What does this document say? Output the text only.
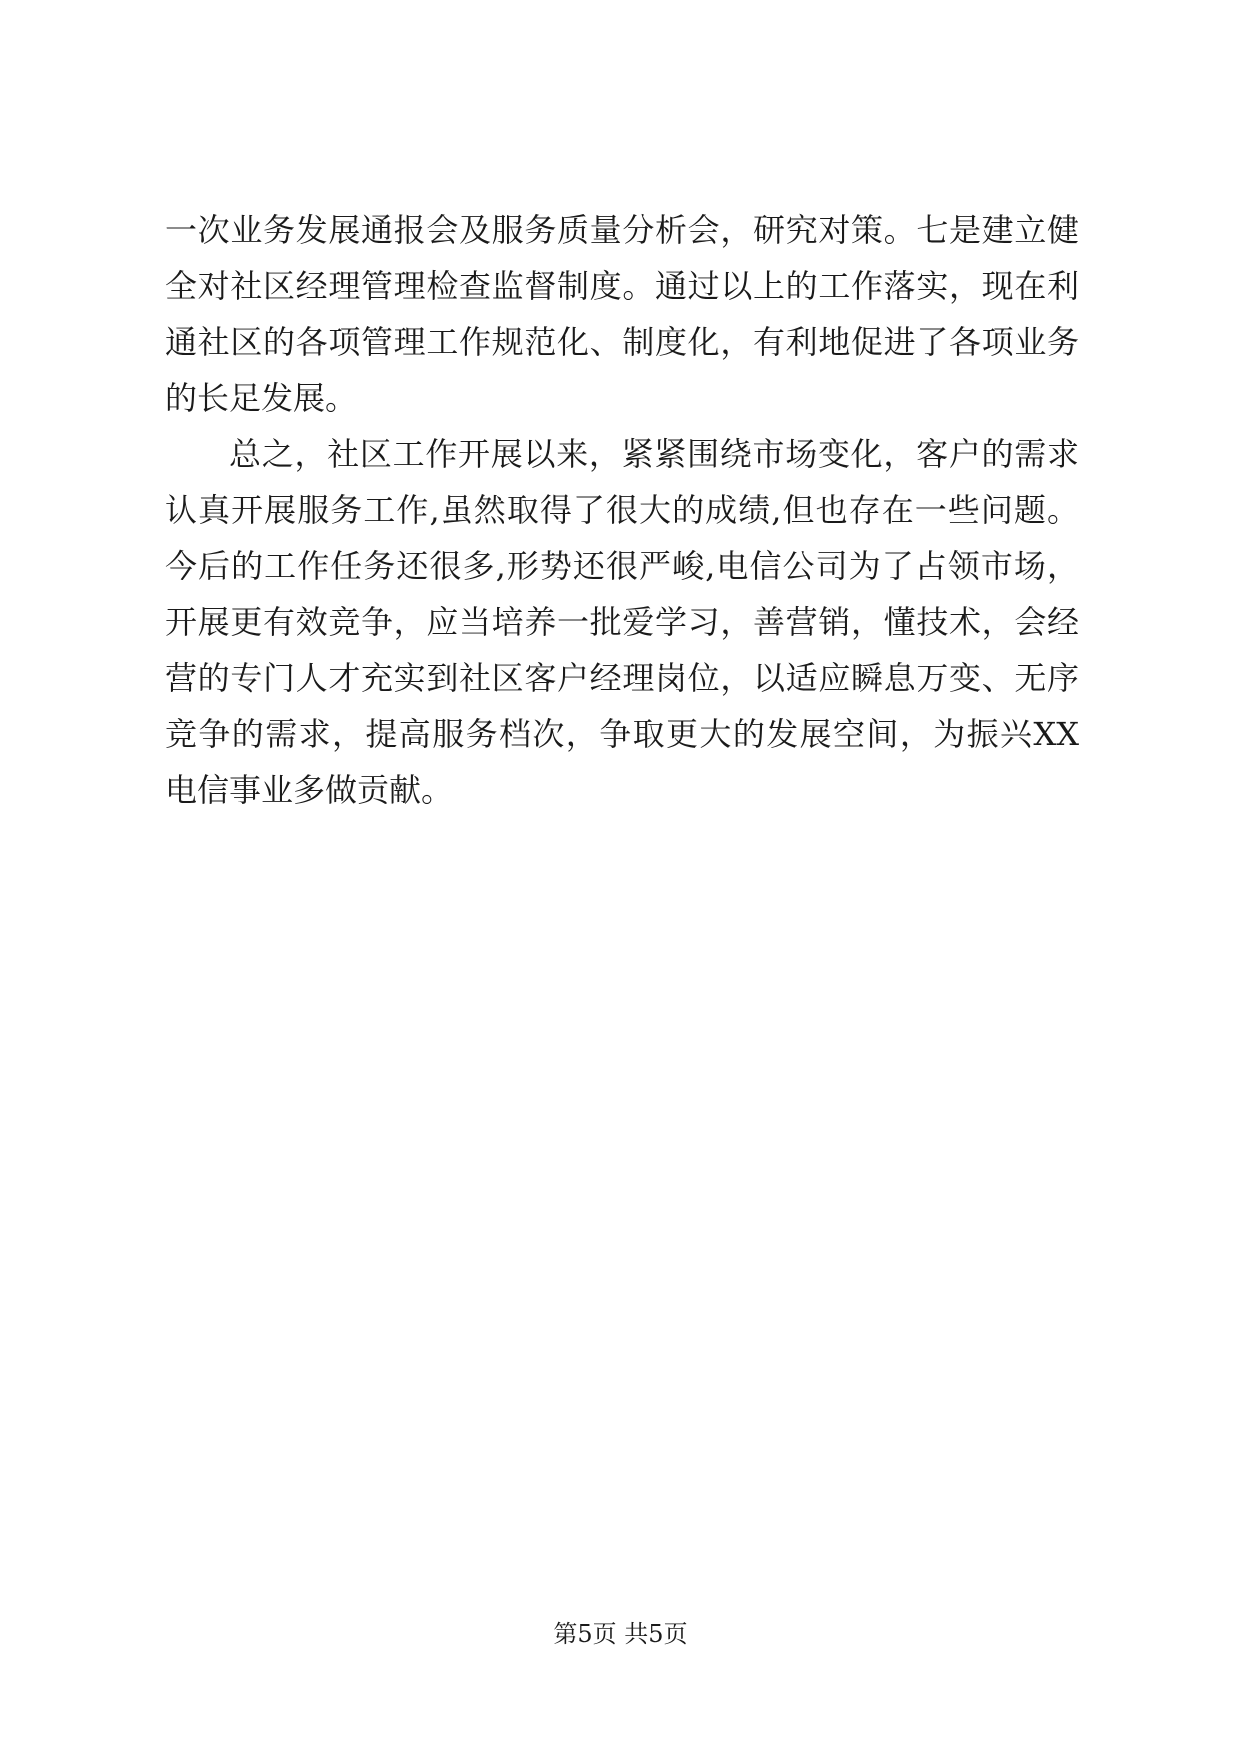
一次业务发展通报会及服务质量分析会，研究对策。七是建立健
全对社区经理管理检查监督制度。通过以上的工作落实，现在利
通社区的各项管理工作规范化、制度化，有利地促进了各项业务
的长足发展。
总之，社区工作开展以来，紧紧围绕市场变化，客户的需求
认真开展服务工作,虽然取得了很大的成绩,但也存在一些问题。
今后的工作任务还很多,形势还很严峻,电信公司为了占领市场，
开展更有效竞争，应当培养一批爱学习，善营销，懂技术，会经
营的专门人才充实到社区客户经理岗位，以适应瞬息万变、无序
竞争的需求，提高服务档次，争取更大的发展空间，为振兴XX
电信事业多做贡献。
第5页 共5页
